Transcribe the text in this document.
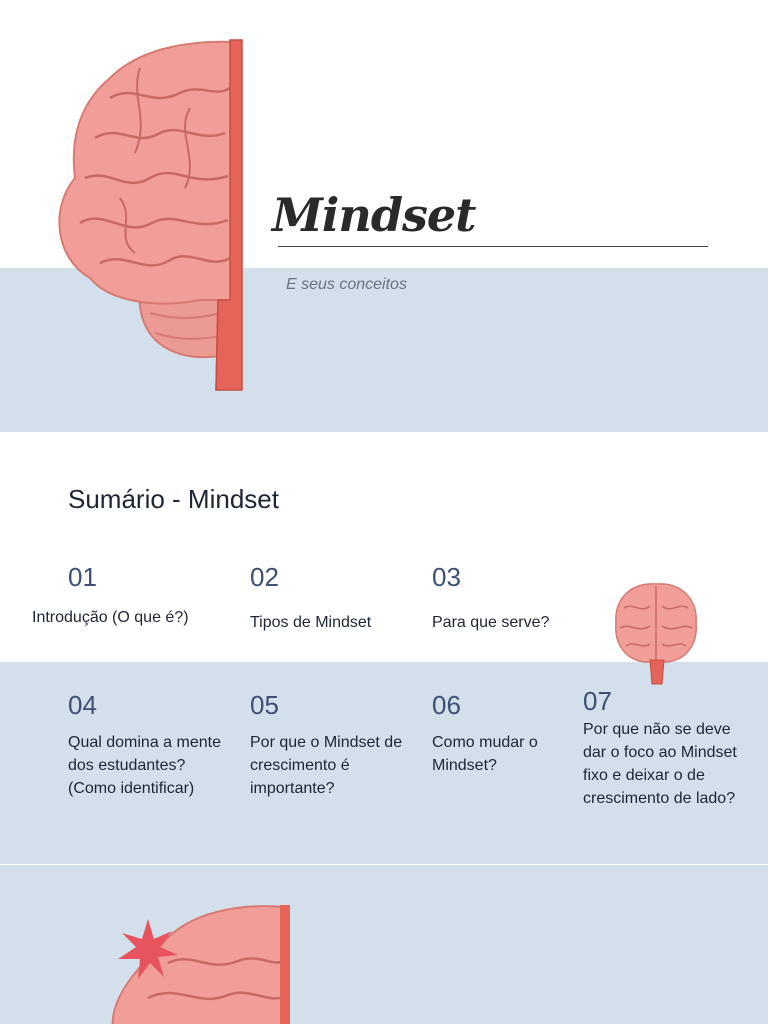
Mindset
E seus conceitos
Sumário - Mindset
01
Introdução (O que é?)
02
Tipos de Mindset
03
Para que serve?
04
Qual domina a mente dos estudantes? (Como identificar)
05
Por que o Mindset de crescimento é importante?
06
Como mudar o Mindset?
07
Por que não se deve dar o foco ao Mindset fixo e deixar o de crescimento de lado?
